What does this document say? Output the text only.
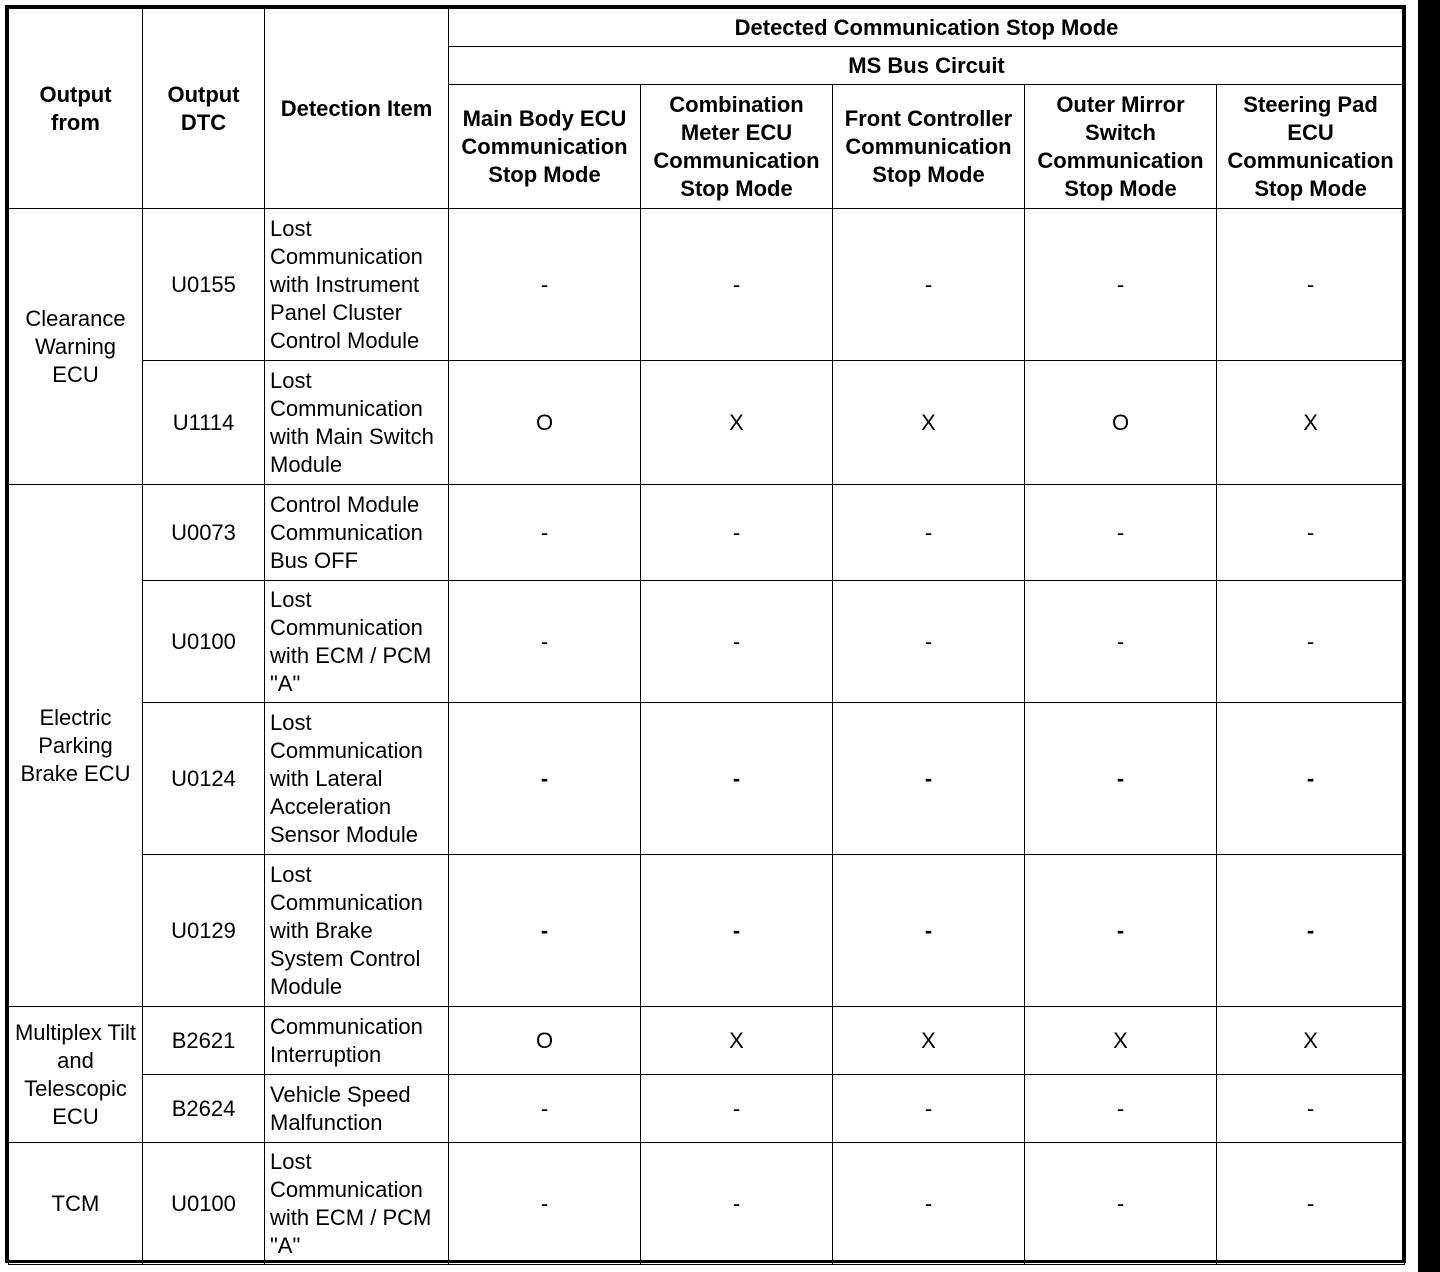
Output from	Output DTC	Detection Item	Detected Communication Stop Mode				
			MS Bus Circuit				
			Main Body ECU Communication Stop Mode	Combination Meter ECU Communication Stop Mode	Front Controller Communication Stop Mode	Outer Mirror Switch Communication Stop Mode	Steering Pad ECU Communication Stop Mode
Clearance Warning ECU	U0155	Lost Communication with Instrument Panel Cluster Control Module	-	-	-	-	-
	U1114	Lost Communication with Main Switch Module	O	X	X	O	X
Electric Parking Brake ECU	U0073	Control Module Communication Bus OFF	-	-	-	-	-
	U0100	Lost Communication with ECM / PCM "A"	-	-	-	-	-
	U0124	Lost Communication with Lateral Acceleration Sensor Module	-	-	-	-	-
	U0129	Lost Communication with Brake System Control Module	-	-	-	-	-
Multiplex Tilt and Telescopic ECU	B2621	Communication Interruption	O	X	X	X	X
	B2624	Vehicle Speed Malfunction	-	-	-	-	-
TCM	U0100	Lost Communication with ECM / PCM "A"	-	-	-	-	-
